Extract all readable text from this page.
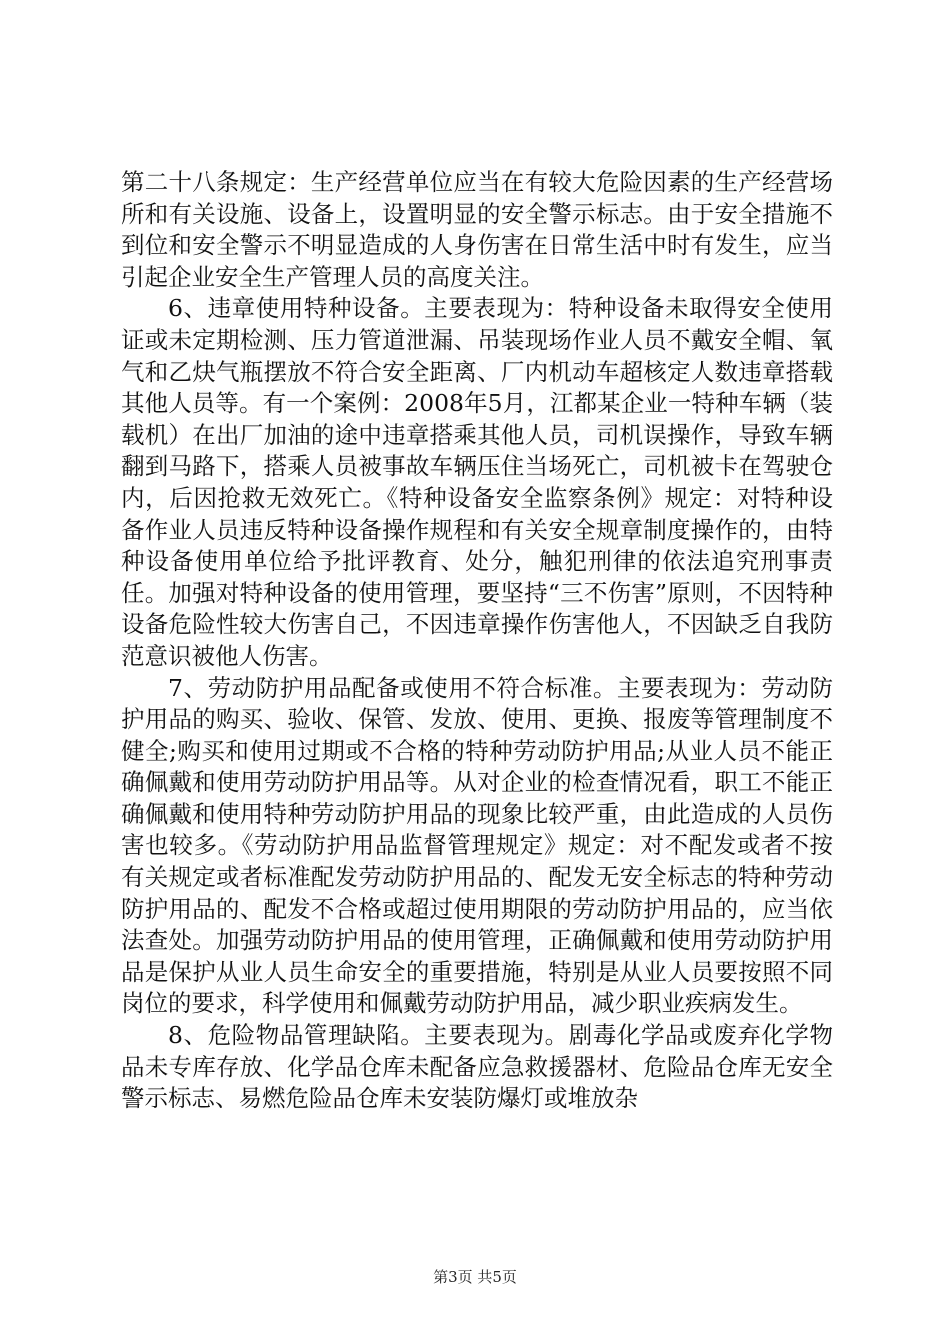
第二十八条规定：生产经营单位应当在有较大危险因素的生产经营场所和有关设施、设备上，设置明显的安全警示标志。由于安全措施不到位和安全警示不明显造成的人身伤害在日常生活中时有发生，应当引起企业安全生产管理人员的高度关注。

6、违章使用特种设备。主要表现为：特种设备未取得安全使用证或未定期检测、压力管道泄漏、吊装现场作业人员不戴安全帽、氧气和乙炔气瓶摆放不符合安全距离、厂内机动车超核定人数违章搭载其他人员等。有一个案例：2008年5月，江都某企业一特种车辆（装载机）在出厂加油的途中违章搭乘其他人员，司机误操作，导致车辆翻到马路下，搭乘人员被事故车辆压住当场死亡，司机被卡在驾驶仓内，后因抢救无效死亡。《特种设备安全监察条例》规定：对特种设备作业人员违反特种设备操作规程和有关安全规章制度操作的，由特种设备使用单位给予批评教育、处分，触犯刑律的依法追究刑事责任。加强对特种设备的使用管理，要坚持“三不伤害”原则，不因特种设备危险性较大伤害自己，不因违章操作伤害他人，不因缺乏自我防范意识被他人伤害。

7、劳动防护用品配备或使用不符合标准。主要表现为：劳动防护用品的购买、验收、保管、发放、使用、更换、报废等管理制度不健全;购买和使用过期或不合格的特种劳动防护用品;从业人员不能正确佩戴和使用劳动防护用品等。从对企业的检查情况看，职工不能正确佩戴和使用特种劳动防护用品的现象比较严重，由此造成的人员伤害也较多。《劳动防护用品监督管理规定》规定：对不配发或者不按有关规定或者标准配发劳动防护用品的、配发无安全标志的特种劳动防护用品的、配发不合格或超过使用期限的劳动防护用品的，应当依法查处。加强劳动防护用品的使用管理，正确佩戴和使用劳动防护用品是保护从业人员生命安全的重要措施，特别是从业人员要按照不同岗位的要求，科学使用和佩戴劳动防护用品，减少职业疾病发生。

8、危险物品管理缺陷。主要表现为。剧毒化学品或废弃化学物品未专库存放、化学品仓库未配备应急救援器材、危险品仓库无安全警示标志、易燃危险品仓库未安装防爆灯或堆放杂

第3页 共5页
